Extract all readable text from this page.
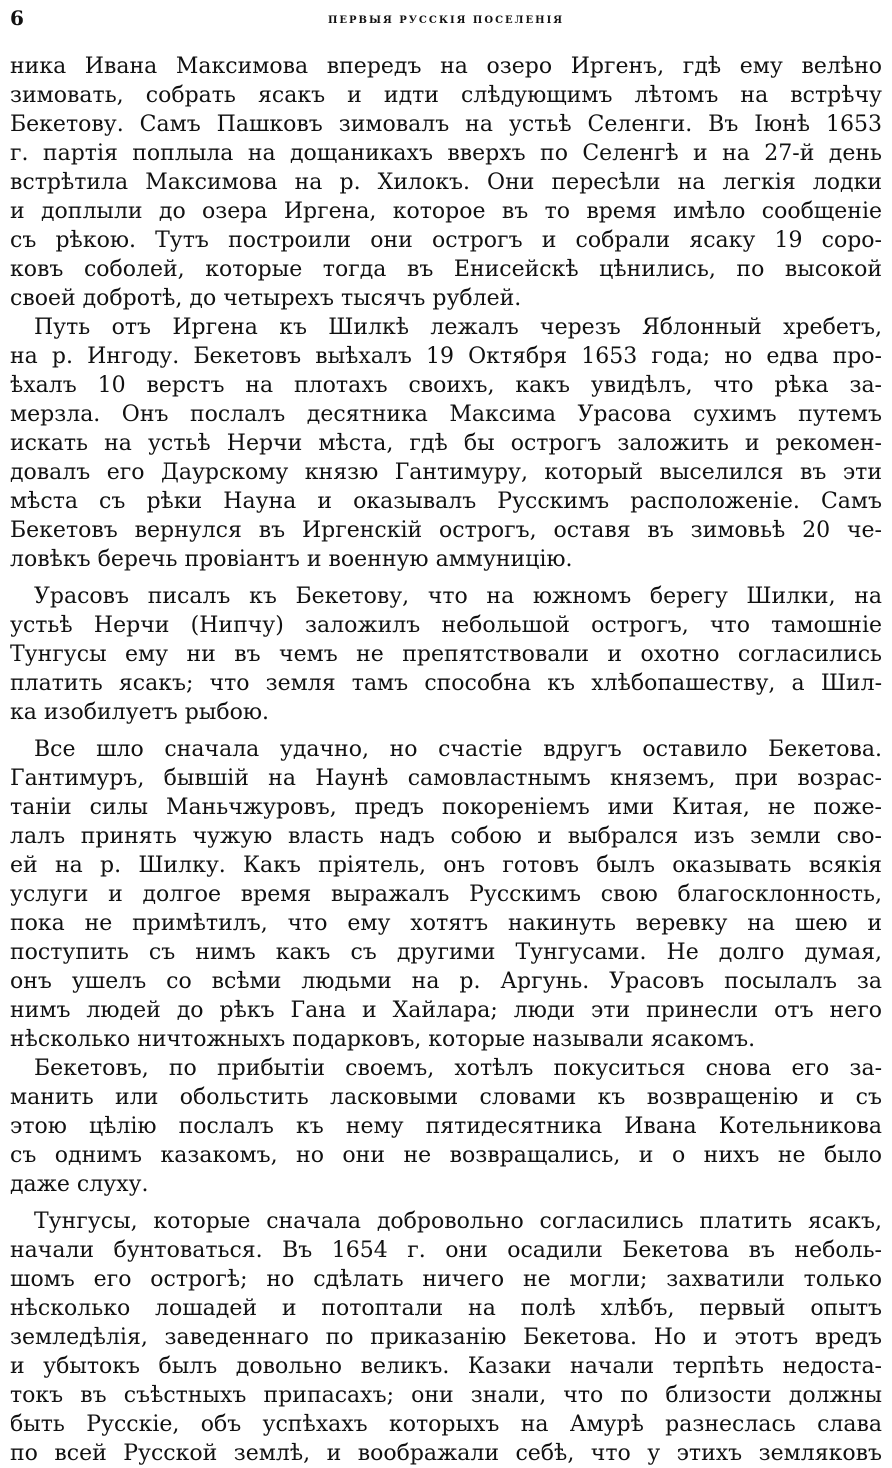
6	ПЕРВЫЯ РУССКІЯ ПОСЕЛЕНІЯ
ника Ивана Максимова впередъ на озеро Иргенъ, гдѣ ему велѣно
зимовать, собрать ясакъ и идти слѣдующимъ лѣтомъ на встрѣчу
Бекетову. Самъ Пашковъ зимовалъ на устьѣ Селенги. Въ Іюнѣ 1653
г. партія поплыла на дощаникахъ вверхъ по Селенгѣ и на 27-й день
встрѣтила Максимова на р. Хилокъ. Они пересѣли на легкія лодки
и доплыли до озера Иргена, которое въ то время имѣло сообщеніе
съ рѣкою. Тутъ построили они острогъ и собрали ясаку 19 соро-
ковъ соболей, которые тогда въ Енисейскѣ цѣнились, по высокой
своей добротѣ, до четырехъ тысячъ рублей.
Путь отъ Иргена къ Шилкѣ лежалъ черезъ Яблонный хребетъ,
на р. Ингоду. Бекетовъ выѣхалъ 19 Октября 1653 года; но едва про-
ѣхалъ 10 верстъ на плотахъ своихъ, какъ увидѣлъ, что рѣка за-
мерзла. Онъ послалъ десятника Максима Урасова сухимъ путемъ
искать на устьѣ Нерчи мѣста, гдѣ бы острогъ заложить и рекомен-
довалъ его Даурскому князю Гантимуру, который выселился въ эти
мѣста съ рѣки Науна и оказывалъ Русскимъ расположеніе. Самъ
Бекетовъ вернулся въ Иргенскій острогъ, оставя въ зимовьѣ 20 че-
ловѣкъ беречь провіантъ и военную аммуницію.
Урасовъ писалъ къ Бекетову, что на южномъ берегу Шилки, на
устьѣ Нерчи (Нипчу) заложилъ небольшой острогъ, что тамошніе
Тунгусы ему ни въ чемъ не препятствовали и охотно согласились
платить ясакъ; что земля тамъ способна къ хлѣбопашеству, а Шил-
ка изобилуетъ рыбою.
Все шло сначала удачно, но счастіе вдругъ оставило Бекетова.
Гантимуръ, бывшій на Наунѣ самовластнымъ княземъ, при возрас-
таніи силы Маньчжуровъ, предъ покореніемъ ими Китая, не поже-
лалъ принять чужую власть надъ собою и выбрался изъ земли сво-
ей на р. Шилку. Какъ пріятель, онъ готовъ былъ оказывать всякія
услуги и долгое время выражалъ Русскимъ свою благосклонность,
пока не примѣтилъ, что ему хотятъ накинуть веревку на шею и
поступить съ нимъ какъ съ другими Тунгусами. Не долго думая,
онъ ушелъ со всѣми людьми на р. Аргунь. Урасовъ посылалъ за
нимъ людей до рѣкъ Гана и Хайлара; люди эти принесли отъ него
нѣсколько ничтожныхъ подарковъ, которые называли ясакомъ.
Бекетовъ, по прибытіи своемъ, хотѣлъ покуситься снова его за-
манить или обольстить ласковыми словами къ возвращенію и съ
этою цѣлію послалъ къ нему пятидесятника Ивана Котельникова
съ однимъ казакомъ, но они не возвращались, и о нихъ не было
даже слуху.
Тунгусы, которые сначала добровольно согласились платить ясакъ,
начали бунтоваться. Въ 1654 г. они осадили Бекетова въ неболь-
шомъ его острогѣ; но сдѣлать ничего не могли; захватили только
нѣсколько лошадей и потоптали на полѣ хлѣбъ, первый опытъ
земледѣлія, заведеннаго по приказанію Бекетова. Но и этотъ вредъ
и убытокъ былъ довольно великъ. Казаки начали терпѣть недоста-
токъ въ съѣстныхъ припасахъ; они знали, что по близости должны
быть Русскіе, объ успѣхахъ которыхъ на Амурѣ разнеслась слава
по всей Русской землѣ, и воображали себѣ, что у этихъ земляковъ
